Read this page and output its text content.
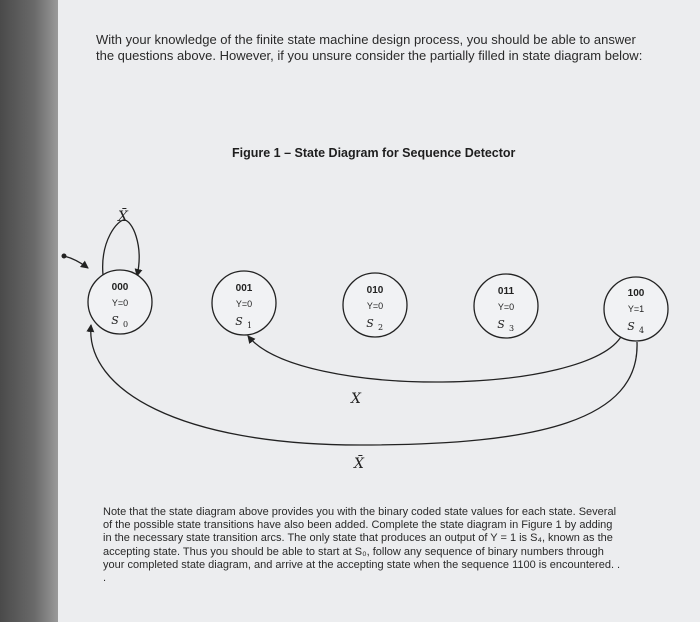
With your knowledge of the finite state machine design process, you should be able to answer the questions above. However, if you unsure consider the partially filled in state diagram below:
Figure 1 – State Diagram for Sequence Detector
X̄
X
X̄
000
Y=0
S 0
001
Y=0
S 1
010
Y=0
S 2
011
Y=0
S 3
100
Y=1
S 4
Note that the state diagram above provides you with the binary coded state values for each state. Several of the possible state transitions have also been added. Complete the state diagram in Figure 1 by adding in the necessary state transition arcs. The only state that produces an output of Y = 1 is S₄, known as the accepting state. Thus you should be able to start at S₀, follow any sequence of binary numbers through your completed state diagram, and arrive at the accepting state when the sequence 1100 is encountered. . .
